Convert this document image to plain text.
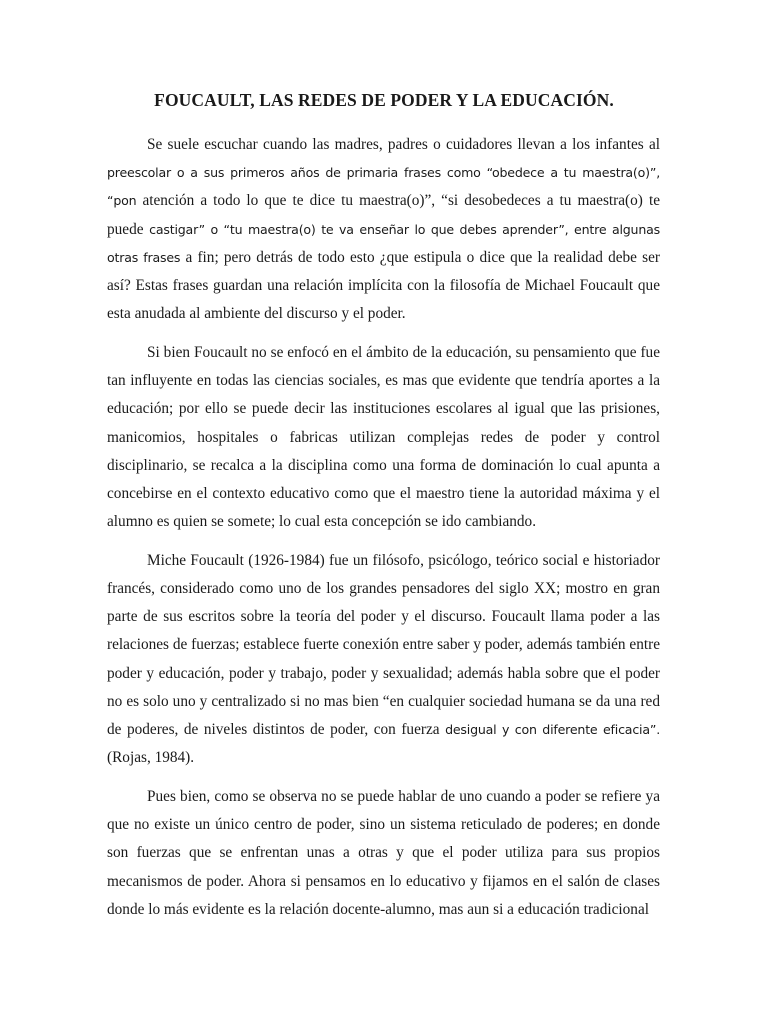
FOUCAULT, LAS REDES DE PODER Y LA EDUCACIÓN.

Se suele escuchar cuando las madres, padres o cuidadores llevan a los infantes al preescolar o a sus primeros años de primaria frases como “obedece a tu maestra(o)”, “pon atención a todo lo que te dice tu maestra(o)”, “si desobedeces a tu maestra(o) te puede castigar” o “tu maestra(o) te va enseñar lo que debes aprender”, entre algunas otras frases a fin; pero detrás de todo esto ¿que estipula o dice que la realidad debe ser así? Estas frases guardan una relación implícita con la filosofía de Michael Foucault que esta anudada al ambiente del discurso y el poder.

Si bien Foucault no se enfocó en el ámbito de la educación, su pensamiento que fue tan influyente en todas las ciencias sociales, es mas que evidente que tendría aportes a la educación; por ello se puede decir las instituciones escolares al igual que las prisiones, manicomios, hospitales o fabricas utilizan complejas redes de poder y control disciplinario, se recalca a la disciplina como una forma de dominación lo cual apunta a concebirse en el contexto educativo como que el maestro tiene la autoridad máxima y el alumno es quien se somete; lo cual esta concepción se ido cambiando.

Miche Foucault (1926-1984) fue un filósofo, psicólogo, teórico social e historiador francés, considerado como uno de los grandes pensadores del siglo XX; mostro en gran parte de sus escritos sobre la teoría del poder y el discurso. Foucault llama poder a las relaciones de fuerzas; establece fuerte conexión entre saber y poder, además también entre poder y educación, poder y trabajo, poder y sexualidad; además habla sobre que el poder no es solo uno y centralizado si no mas bien “en cualquier sociedad humana se da una red de poderes, de niveles distintos de poder, con fuerza desigual y con diferente eficacia”. (Rojas, 1984).

Pues bien, como se observa no se puede hablar de uno cuando a poder se refiere ya que no existe un único centro de poder, sino un sistema reticulado de poderes; en donde son fuerzas que se enfrentan unas a otras y que el poder utiliza para sus propios mecanismos de poder. Ahora si pensamos en lo educativo y fijamos en el salón de clases donde lo más evidente es la relación docente-alumno, mas aun si a educación tradicional
